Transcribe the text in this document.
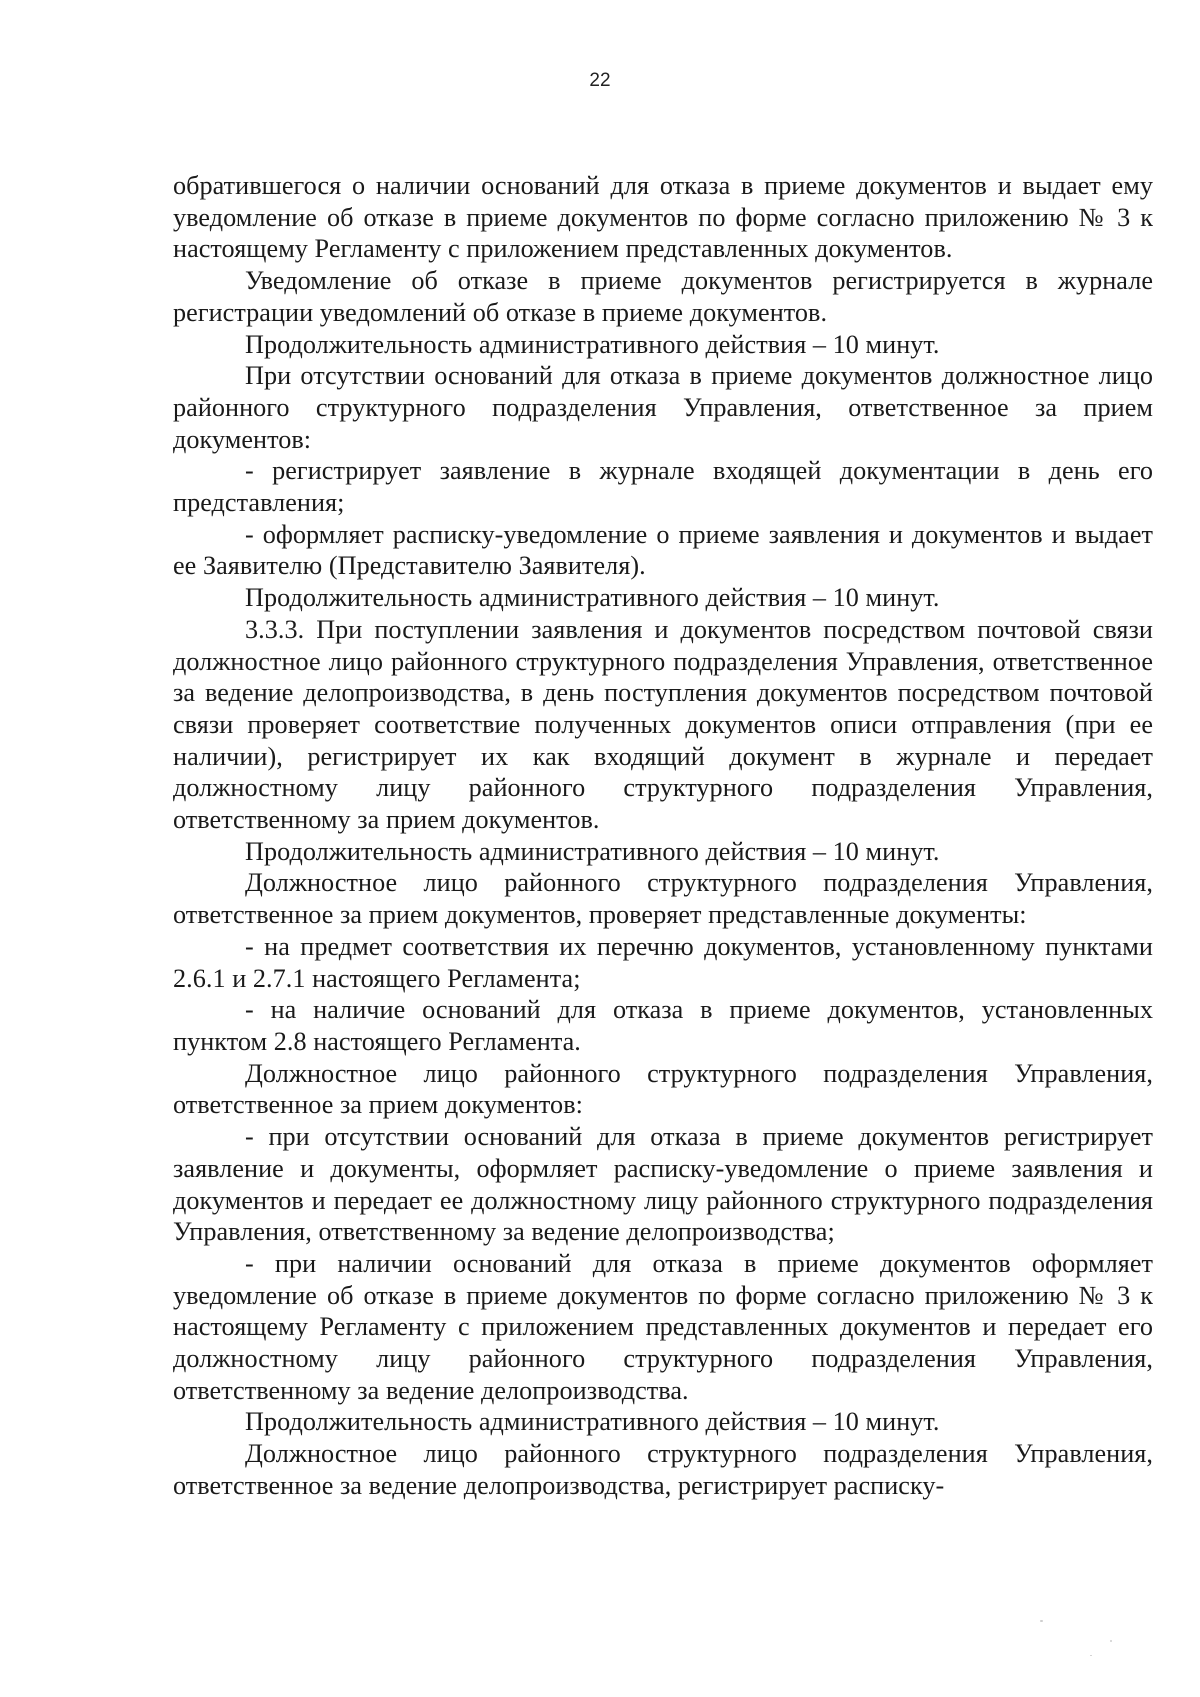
22

обратившегося о наличии оснований для отказа в приеме документов и выдает ему уведомление об отказе в приеме документов по форме согласно приложению № 3 к настоящему Регламенту с приложением представленных документов.

Уведомление об отказе в приеме документов регистрируется в журнале регистрации уведомлений об отказе в приеме документов.

Продолжительность административного действия – 10 минут.

При отсутствии оснований для отказа в приеме документов должностное лицо районного структурного подразделения Управления, ответственное за прием документов:

- регистрирует заявление в журнале входящей документации в день его представления;

- оформляет расписку-уведомление о приеме заявления и документов и выдает ее Заявителю (Представителю Заявителя).

Продолжительность административного действия – 10 минут.

3.3.3. При поступлении заявления и документов посредством почтовой связи должностное лицо районного структурного подразделения Управления, ответственное за ведение делопроизводства, в день поступления документов посредством почтовой связи проверяет соответствие полученных документов описи отправления (при ее наличии), регистрирует их как входящий документ в журнале и передает должностному лицу районного структурного подразделения Управления, ответственному за прием документов.

Продолжительность административного действия – 10 минут.

Должностное лицо районного структурного подразделения Управления, ответственное за прием документов, проверяет представленные документы:

- на предмет соответствия их перечню документов, установленному пунктами 2.6.1 и 2.7.1 настоящего Регламента;

- на наличие оснований для отказа в приеме документов, установленных пунктом 2.8 настоящего Регламента.

Должностное лицо районного структурного подразделения Управления, ответственное за прием документов:

- при отсутствии оснований для отказа в приеме документов регистрирует заявление и документы, оформляет расписку-уведомление о приеме заявления и документов и передает ее должностному лицу районного структурного подразделения Управления, ответственному за ведение делопроизводства;

- при наличии оснований для отказа в приеме документов оформляет уведомление об отказе в приеме документов по форме согласно приложению № 3 к настоящему Регламенту с приложением представленных документов и передает его должностному лицу районного структурного подразделения Управления, ответственному за ведение делопроизводства.

Продолжительность административного действия – 10 минут.

Должностное лицо районного структурного подразделения Управления, ответственное за ведение делопроизводства, регистрирует расписку-
